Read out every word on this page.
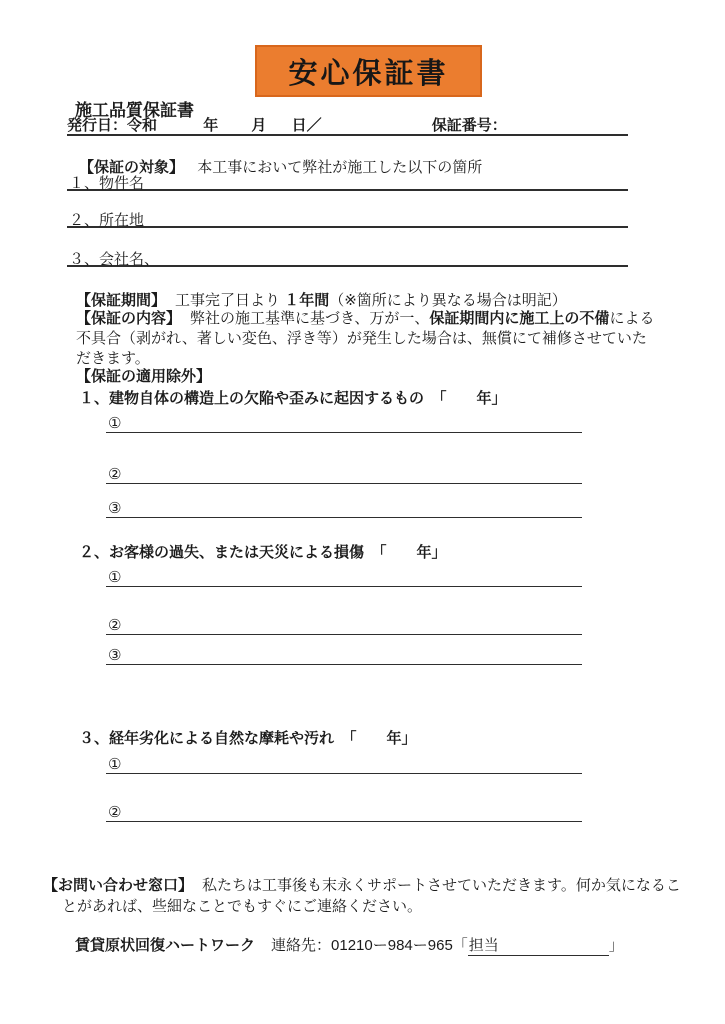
安心保証書
施工品質保証書
発行日：令和	年 月 日／	保証番号：
【保証の対象】 本工事において弊社が施工した以下の箇所
１、物件名
２、所在地
３、会社名、
【保証期間】 工事完了日より １年間（※箇所により異なる場合は明記）
【保証の内容】 弊社の施工基準に基づき、万が一、保証期間内に施工上の不備による不具合（剥がれ、著しい変色、浮き等）が発生した場合は、無償にて補修させていただきます。
【保証の適用除外】
１、建物自体の構造上の欠陥や歪みに起因するもの　「　　年」
①
②
③
２、お客様の過失、または天災による損傷　「　　年」
①
②
③
３、経年劣化による自然な摩耗や汚れ　「　　年」
①
②
【お問い合わせ窓口】 私たちは工事後も末永くサポートさせていただきます。何か気になることがあれば、些細なことでもすぐにご連絡ください。
賃貸原状回復ハートワーク 連絡先：01210ー984ー965「担当	」
